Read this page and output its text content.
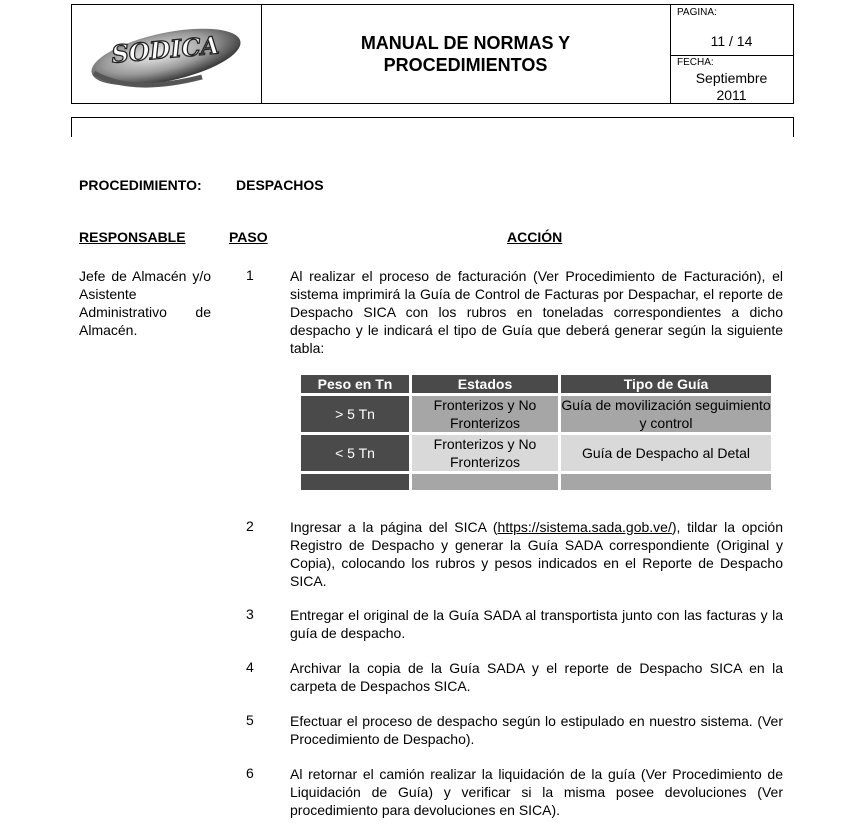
SODICA	MANUAL DE NORMAS Y
PROCEDIMIENTOS
PAGINA:
11 / 14
FECHA:
Septiembre
2011
PROCEDIMIENTO: DESPACHOS
RESPONSABLE	PASO	ACCIÓN
Jefe de Almacén y/o Asistente Administrativo de Almacén.
1	Al realizar el proceso de facturación (Ver Procedimiento de Facturación), el sistema imprimirá la Guía de Control de Facturas por Despachar, el reporte de Despacho SICA con los rubros en toneladas correspondientes a dicho despacho y le indicará el tipo de Guía que deberá generar según la siguiente tabla:
Peso en Tn	Estados	Tipo de Guía
> 5 Tn	Fronterizos y No Fronterizos	Guía de movilización seguimiento y control
< 5 Tn	Fronterizos y No Fronterizos	Guía de Despacho al Detal

2	Ingresar a la página del SICA (https://sistema.sada.gob.ve/), tildar la opción Registro de Despacho y generar la Guía SADA correspondiente (Original y Copia), colocando los rubros y pesos indicados en el Reporte de Despacho SICA.
3	Entregar el original de la Guía SADA al transportista junto con las facturas y la guía de despacho.
4	Archivar la copia de la Guía SADA y el reporte de Despacho SICA en la carpeta de Despachos SICA.
5	Efectuar el proceso de despacho según lo estipulado en nuestro sistema. (Ver Procedimiento de Despacho).
6	Al retornar el camión realizar la liquidación de la guía (Ver Procedimiento de Liquidación de Guía) y verificar si la misma posee devoluciones (Ver procedimiento para devoluciones en SICA).
